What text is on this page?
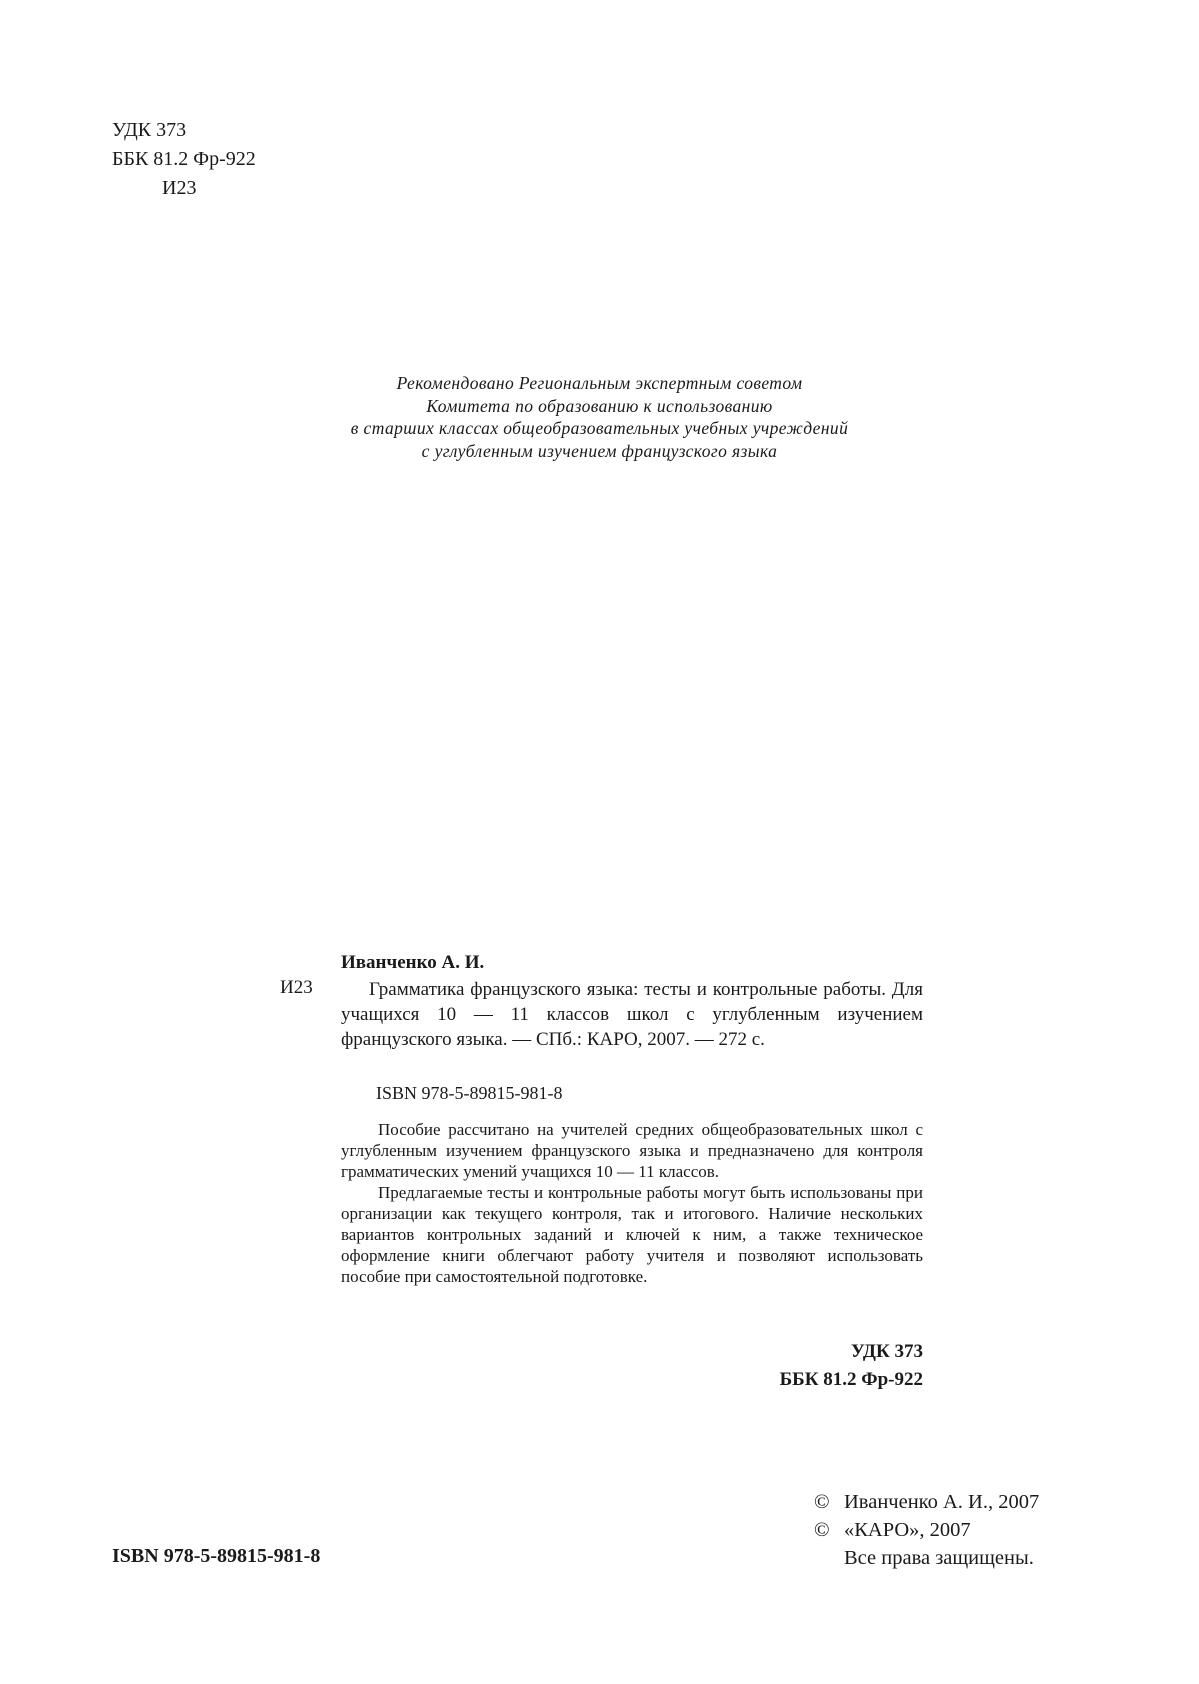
УДК 373
ББК 81.2 Фр-922
И23
Рекомендовано Региональным экспертным советом
Комитета по образованию к использованию
в старших классах общеобразовательных учебных учреждений
с углубленным изучением французского языка
Иванченко А. И.
И23	Грамматика французского языка: тесты и контрольные работы. Для учащихся 10 — 11 классов школ с углубленным изучением французского языка. — СПб.: КАРО, 2007. — 272 с.
ISBN 978-5-89815-981-8

Пособие рассчитано на учителей средних общеобразовательных школ с углубленным изучением французского языка и предназначено для контроля грамматических умений учащихся 10 — 11 классов.

Предлагаемые тесты и контрольные работы могут быть использованы при организации как текущего контроля, так и итогового. Наличие нескольких вариантов контрольных заданий и ключей к ним, а также техническое оформление книги облегчают работу учителя и позволяют использовать пособие при самостоятельной подготовке.

УДК 373
ББК 81.2 Фр-922
ISBN 978-5-89815-981-8
© Иванченко А. И., 2007
© «КАРО», 2007
Все права защищены.
